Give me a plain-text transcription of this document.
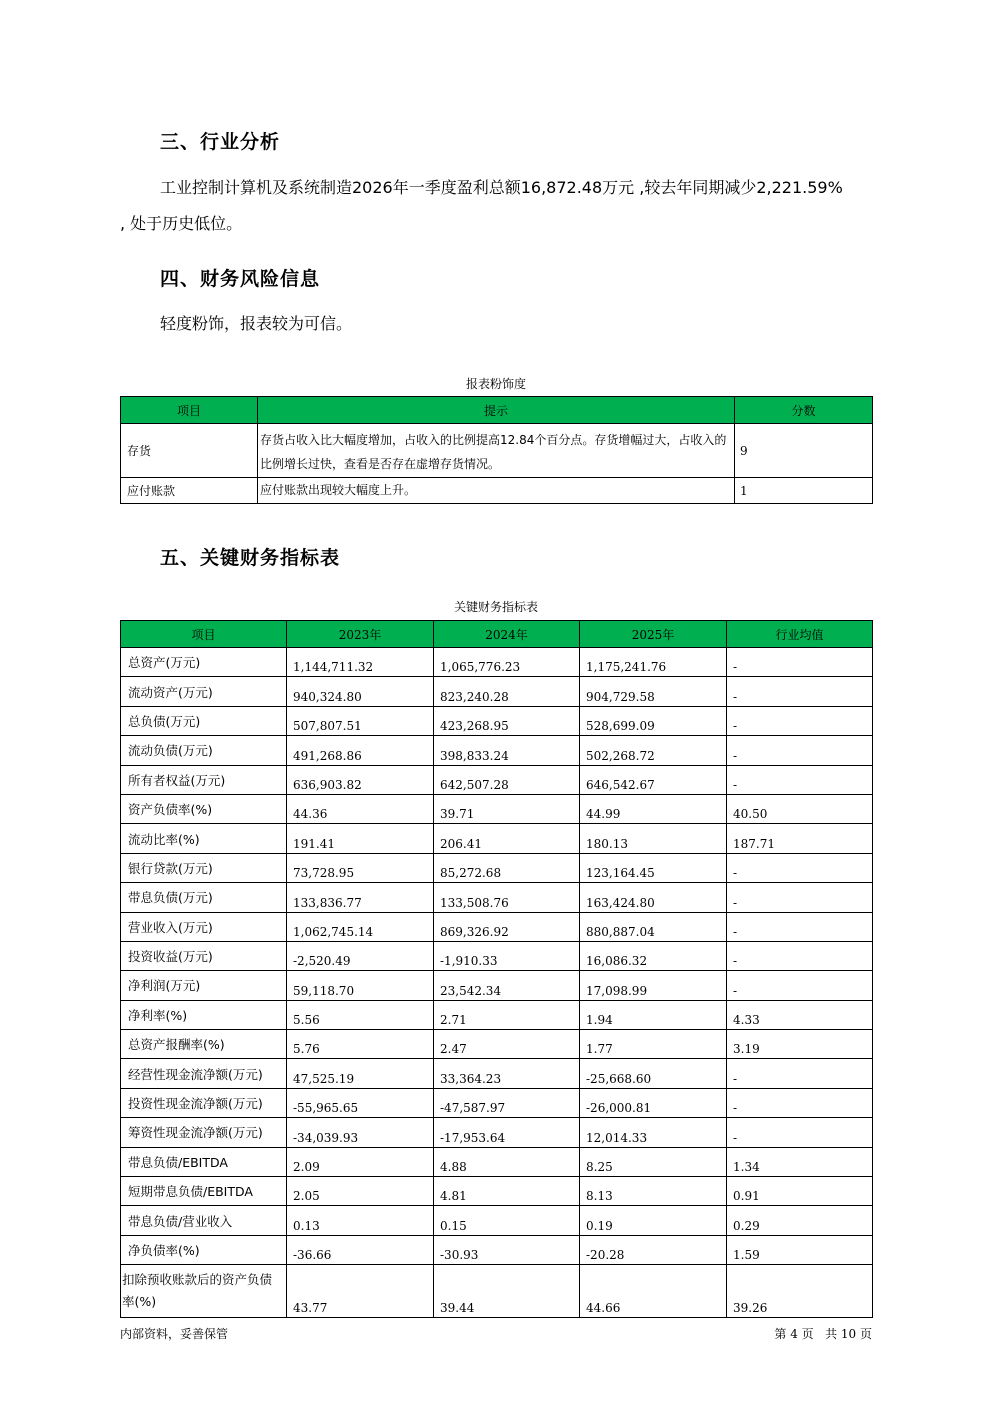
三、行业分析

工业控制计算机及系统制造2026年一季度盈利总额16,872.48万元 ,较去年同期减少2,221.59%

, 处于历史低位。

四、财务风险信息

轻度粉饰，报表较为可信。

报表粉饰度
项目	提示	分数
存货	存货占收入比大幅度增加，占收入的比例提高12.84个百分点。存货增幅过大，占收入的比例增长过快，查看是否存在虚增存货情况。	9
应付账款	应付账款出现较大幅度上升。	1
五、关键财务指标表
关键财务指标表
项目	2023年	2024年	2025年	行业均值
总资产(万元)	1,144,711.32	1,065,776.23	1,175,241.76	-
流动资产(万元)	940,324.80	823,240.28	904,729.58	-
总负债(万元)	507,807.51	423,268.95	528,699.09	-
流动负债(万元)	491,268.86	398,833.24	502,268.72	-
所有者权益(万元)	636,903.82	642,507.28	646,542.67	-
资产负债率(%)	44.36	39.71	44.99	40.50
流动比率(%)	191.41	206.41	180.13	187.71
银行贷款(万元)	73,728.95	85,272.68	123,164.45	-
带息负债(万元)	133,836.77	133,508.76	163,424.80	-
营业收入(万元)	1,062,745.14	869,326.92	880,887.04	-
投资收益(万元)	-2,520.49	-1,910.33	16,086.32	-
净利润(万元)	59,118.70	23,542.34	17,098.99	-
净利率(%)	5.56	2.71	1.94	4.33
总资产报酬率(%)	5.76	2.47	1.77	3.19
经营性现金流净额(万元)	47,525.19	33,364.23	-25,668.60	-
投资性现金流净额(万元)	-55,965.65	-47,587.97	-26,000.81	-
筹资性现金流净额(万元)	-34,039.93	-17,953.64	12,014.33	-
带息负债/EBITDA	2.09	4.88	8.25	1.34
短期带息负债/EBITDA	2.05	4.81	8.13	0.91
带息负债/营业收入	0.13	0.15	0.19	0.29
净负债率(%)	-36.66	-30.93	-20.28	1.59
扣除预收账款后的资产负债率(%)	43.77	39.44	44.66	39.26
内部资料，妥善保管	第 4 页   共 10 页
